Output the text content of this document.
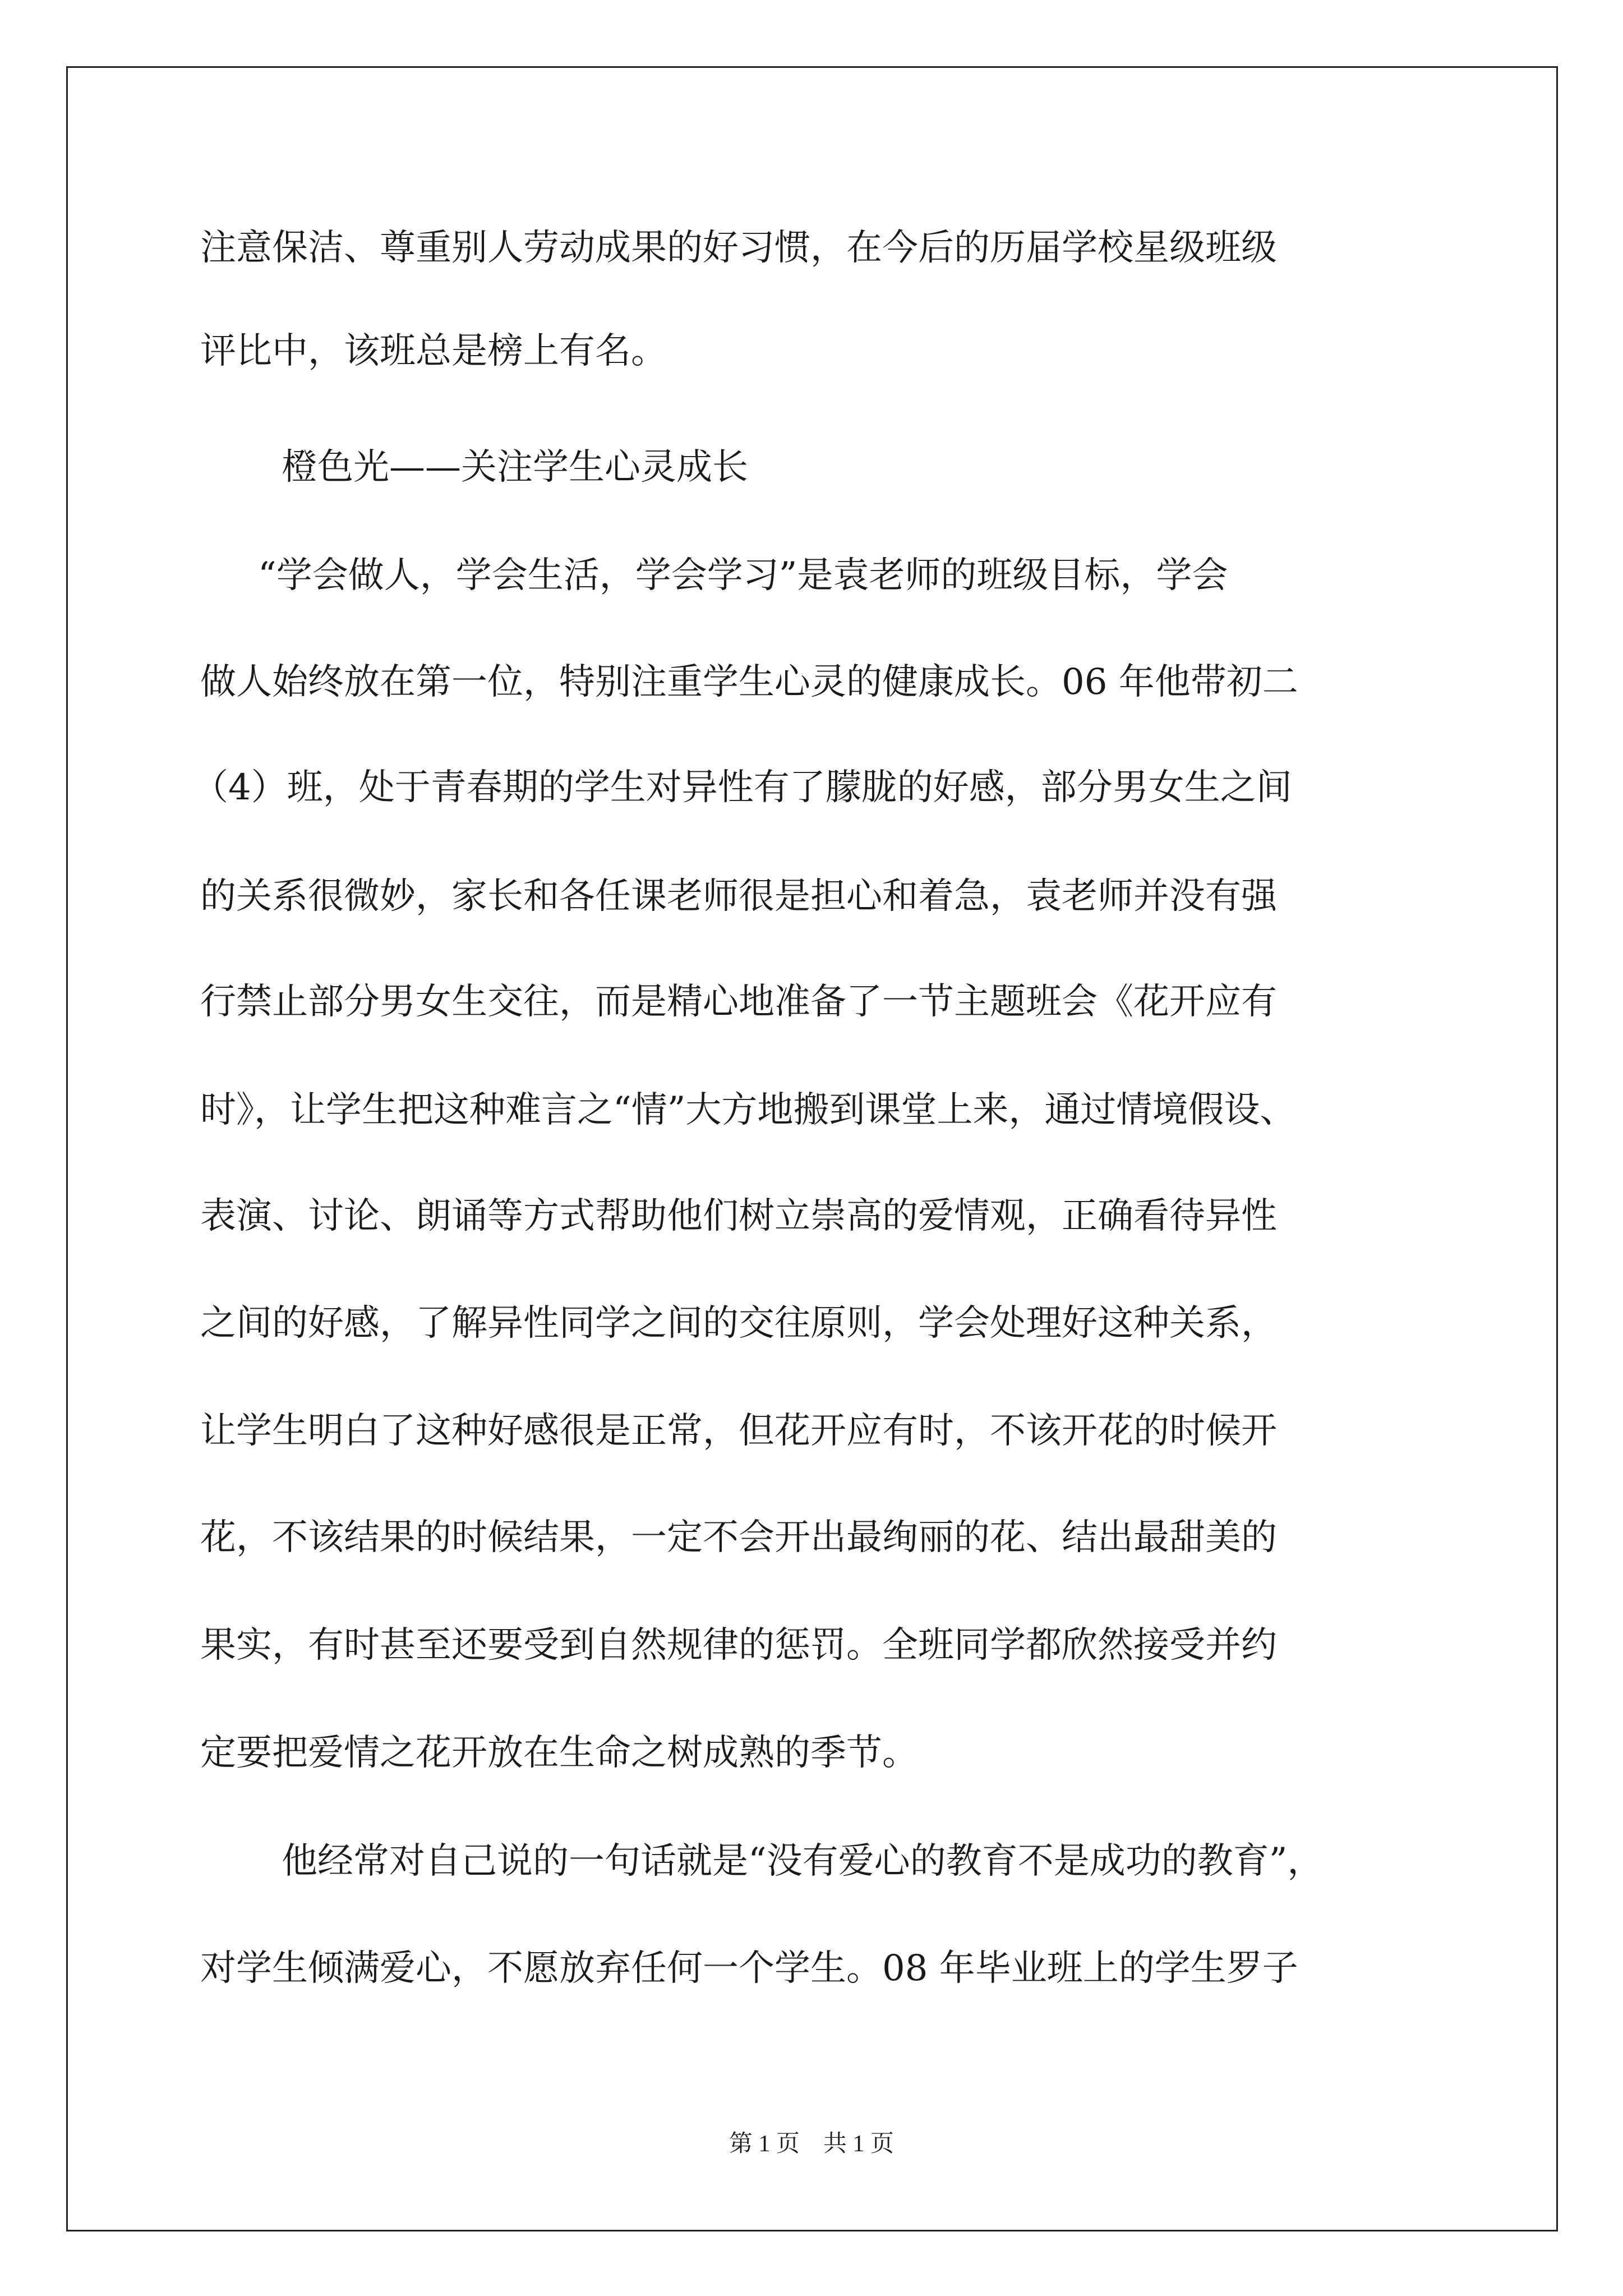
注意保洁、尊重别人劳动成果的好习惯，在今后的历届学校星级班级

评比中，该班总是榜上有名。

橙色光——关注学生心灵成长

“学会做人，学会生活，学会学习”是袁老师的班级目标，学会

做人始终放在第一位，特别注重学生心灵的健康成长。06 年他带初二

（4）班，处于青春期的学生对异性有了朦胧的好感，部分男女生之间

的关系很微妙，家长和各任课老师很是担心和着急，袁老师并没有强

行禁止部分男女生交往，而是精心地准备了一节主题班会《花开应有

时》，让学生把这种难言之“情”大方地搬到课堂上来，通过情境假设、

表演、讨论、朗诵等方式帮助他们树立崇高的爱情观，正确看待异性

之间的好感，了解异性同学之间的交往原则，学会处理好这种关系，

让学生明白了这种好感很是正常，但花开应有时，不该开花的时候开

花，不该结果的时候结果，一定不会开出最绚丽的花、结出最甜美的

果实，有时甚至还要受到自然规律的惩罚。全班同学都欣然接受并约

定要把爱情之花开放在生命之树成熟的季节。

他经常对自己说的一句话就是“没有爱心的教育不是成功的教育”，

对学生倾满爱心，不愿放弃任何一个学生。08 年毕业班上的学生罗子

第 1 页　共 1 页
